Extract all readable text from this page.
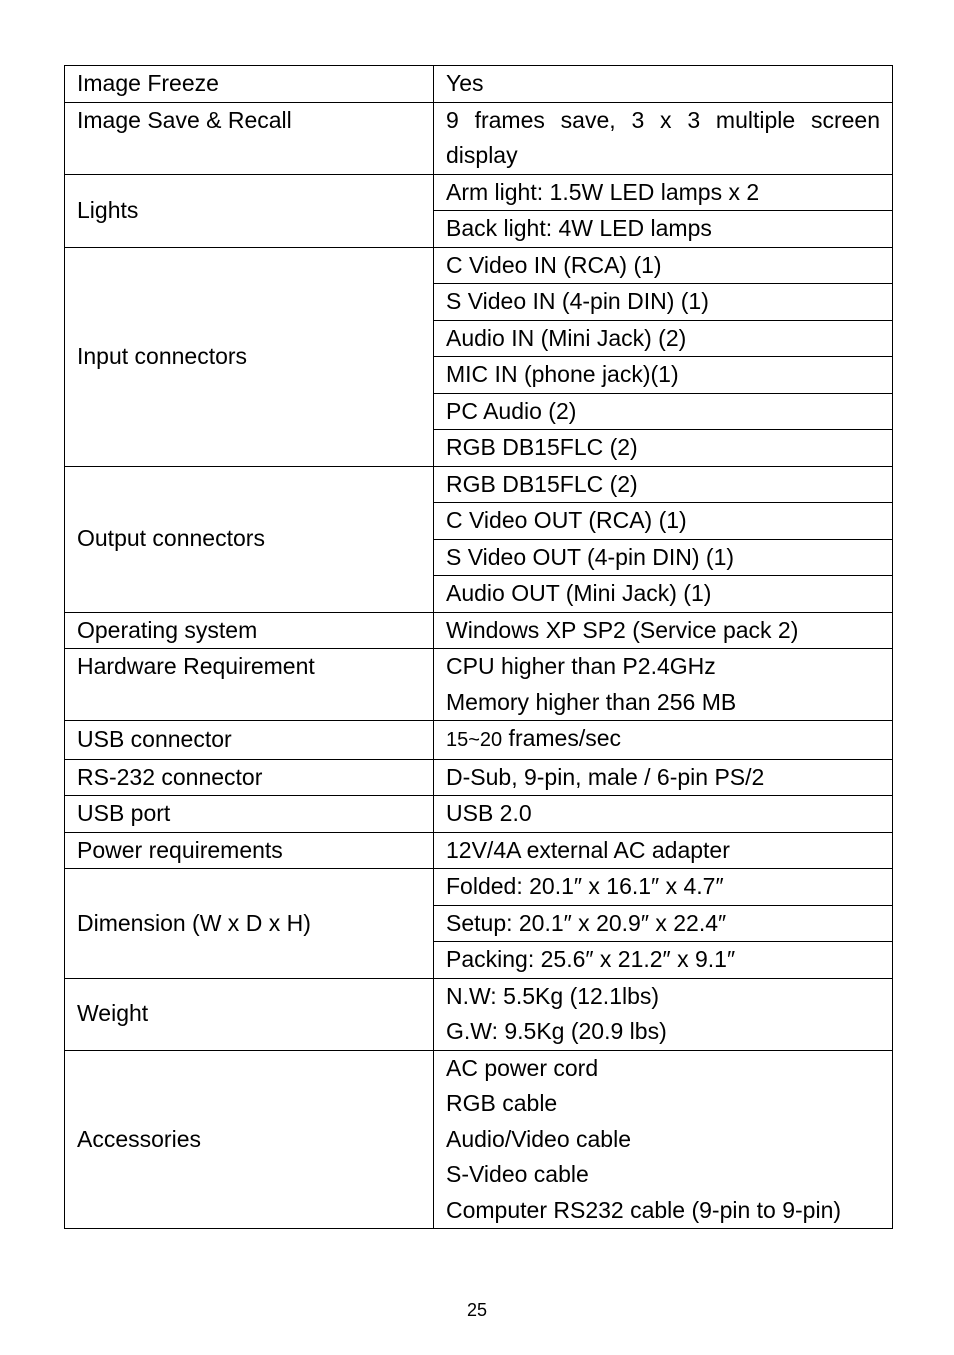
Image Freeze	Yes
Image Save & Recall	9 frames save, 3 x 3 multiple screen
display

Lights	Arm light: 1.5W LED lamps x 2
	Back light: 4W LED lamps
Input connectors	C Video IN (RCA) (1)
	S Video IN (4-pin DIN) (1)
	Audio IN (Mini Jack) (2)
	MIC IN (phone jack)(1)
	PC Audio (2)
	RGB DB15FLC (2)
Output connectors	RGB DB15FLC (2)
	C Video OUT (RCA) (1)
	S Video OUT (4-pin DIN) (1)
	Audio OUT (Mini Jack) (1)
Operating system	Windows XP SP2 (Service pack 2)
Hardware Requirement	CPU higher than P2.4GHz
Memory higher than 256 MB

USB connector	15~20 frames/sec
RS-232 connector	D-Sub, 9-pin, male / 6-pin PS/2
USB port	USB 2.0
Power requirements	12V/4A external AC adapter
Dimension (W x D x H)	Folded: 20.1″ x 16.1″ x 4.7″
	Setup: 20.1″ x 20.9″ x 22.4″
	Packing: 25.6″ x 21.2″ x 9.1″
Weight	N.W: 5.5Kg (12.1lbs)
G.W: 9.5Kg (20.9 lbs)

Accessories	AC power cord
RGB cable
Audio/Video cable
S-Video cable
Computer RS232 cable (9-pin to 9-pin)
25
